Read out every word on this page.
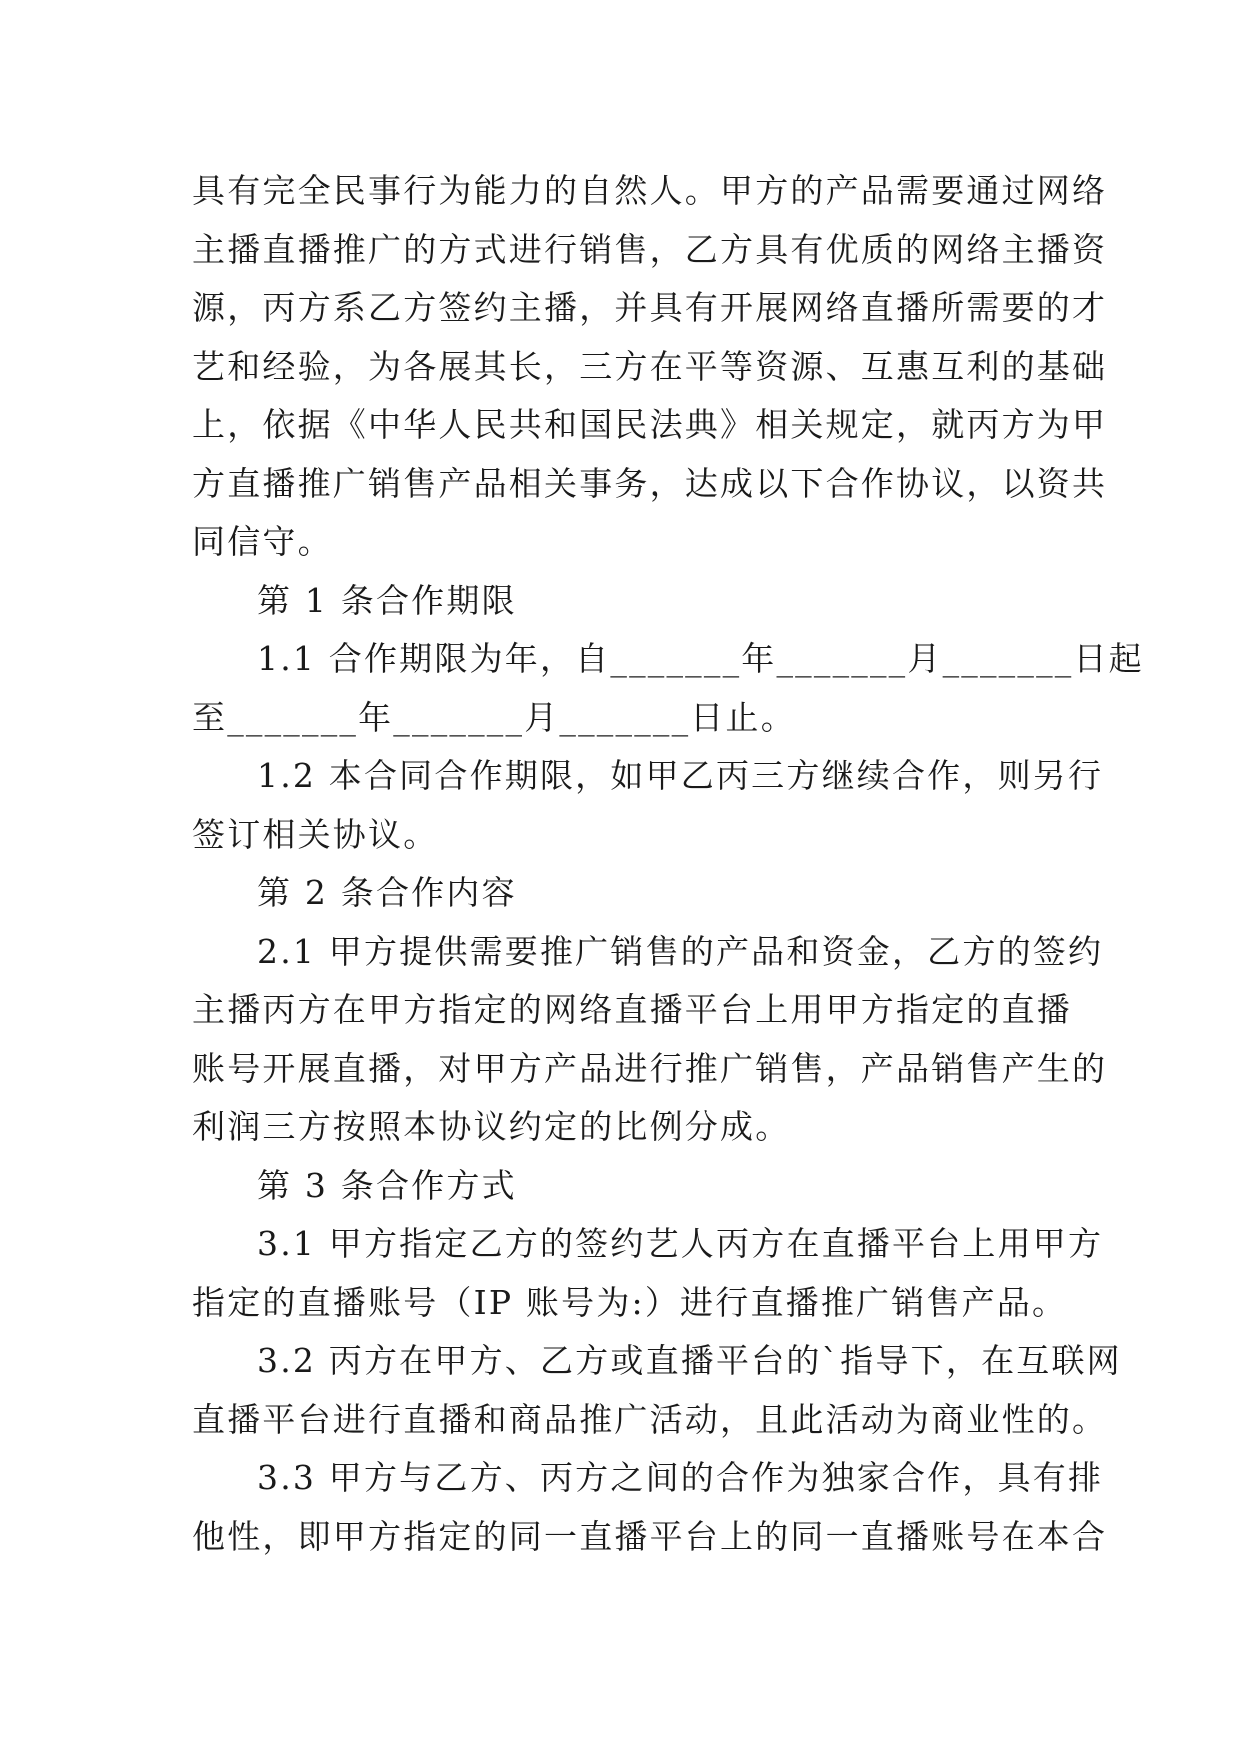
具有完全民事行为能力的自然人。甲方的产品需要通过网络
主播直播推广的方式进行销售，乙方具有优质的网络主播资
源，丙方系乙方签约主播，并具有开展网络直播所需要的才
艺和经验，为各展其长，三方在平等资源、互惠互利的基础
上，依据《中华人民共和国民法典》相关规定，就丙方为甲
方直播推广销售产品相关事务，达成以下合作协议，以资共
同信守。
第 1 条合作期限
1.1 合作期限为年，自_______年_______月_______日起
至_______年_______月_______日止。
1.2 本合同合作期限，如甲乙丙三方继续合作，则另行
签订相关协议。
第 2 条合作内容
2.1 甲方提供需要推广销售的产品和资金，乙方的签约
主播丙方在甲方指定的网络直播平台上用甲方指定的直播
账号开展直播，对甲方产品进行推广销售，产品销售产生的
利润三方按照本协议约定的比例分成。
第 3 条合作方式
3.1 甲方指定乙方的签约艺人丙方在直播平台上用甲方
指定的直播账号（IP 账号为:）进行直播推广销售产品。
3.2 丙方在甲方、乙方或直播平台的`指导下，在互联网
直播平台进行直播和商品推广活动，且此活动为商业性的。
3.3 甲方与乙方、丙方之间的合作为独家合作，具有排
他性，即甲方指定的同一直播平台上的同一直播账号在本合
